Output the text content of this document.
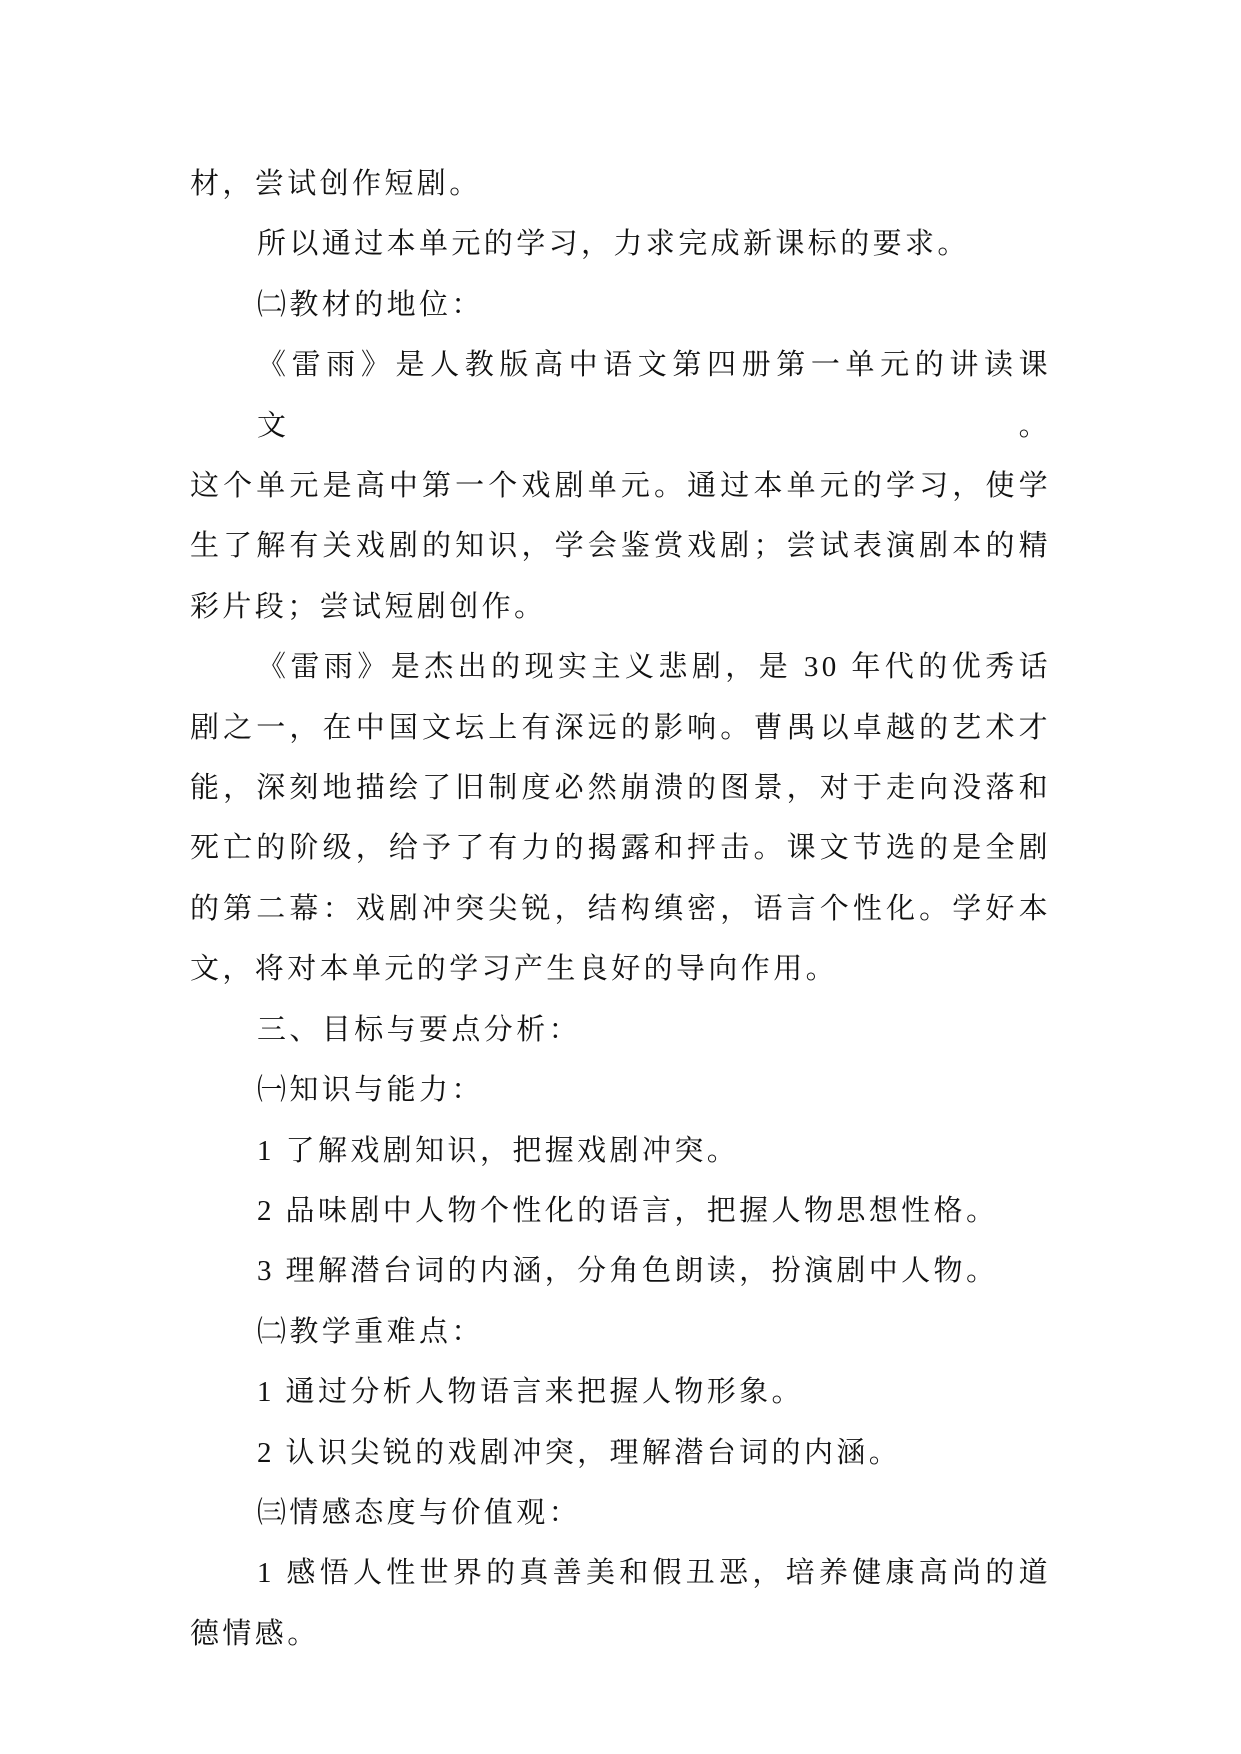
材，尝试创作短剧。
所以通过本单元的学习，力求完成新课标的要求。
㈡教材的地位：
《雷雨》是人教版高中语文第四册第一单元的讲读课文。
这个单元是高中第一个戏剧单元。通过本单元的学习，使学
生了解有关戏剧的知识，学会鉴赏戏剧；尝试表演剧本的精
彩片段；尝试短剧创作。
《雷雨》是杰出的现实主义悲剧，是 30 年代的优秀话
剧之一，在中国文坛上有深远的影响。曹禺以卓越的艺术才
能，深刻地描绘了旧制度必然崩溃的图景，对于走向没落和
死亡的阶级，给予了有力的揭露和抨击。课文节选的是全剧
的第二幕：戏剧冲突尖锐，结构缜密，语言个性化。学好本
文，将对本单元的学习产生良好的导向作用。
三、目标与要点分析：
㈠知识与能力：
1 了解戏剧知识，把握戏剧冲突。
2 品味剧中人物个性化的语言，把握人物思想性格。
3 理解潜台词的内涵，分角色朗读，扮演剧中人物。
㈡教学重难点：
1 通过分析人物语言来把握人物形象。
2 认识尖锐的戏剧冲突，理解潜台词的内涵。
㈢情感态度与价值观：
1 感悟人性世界的真善美和假丑恶，培养健康高尚的道
德情感。
